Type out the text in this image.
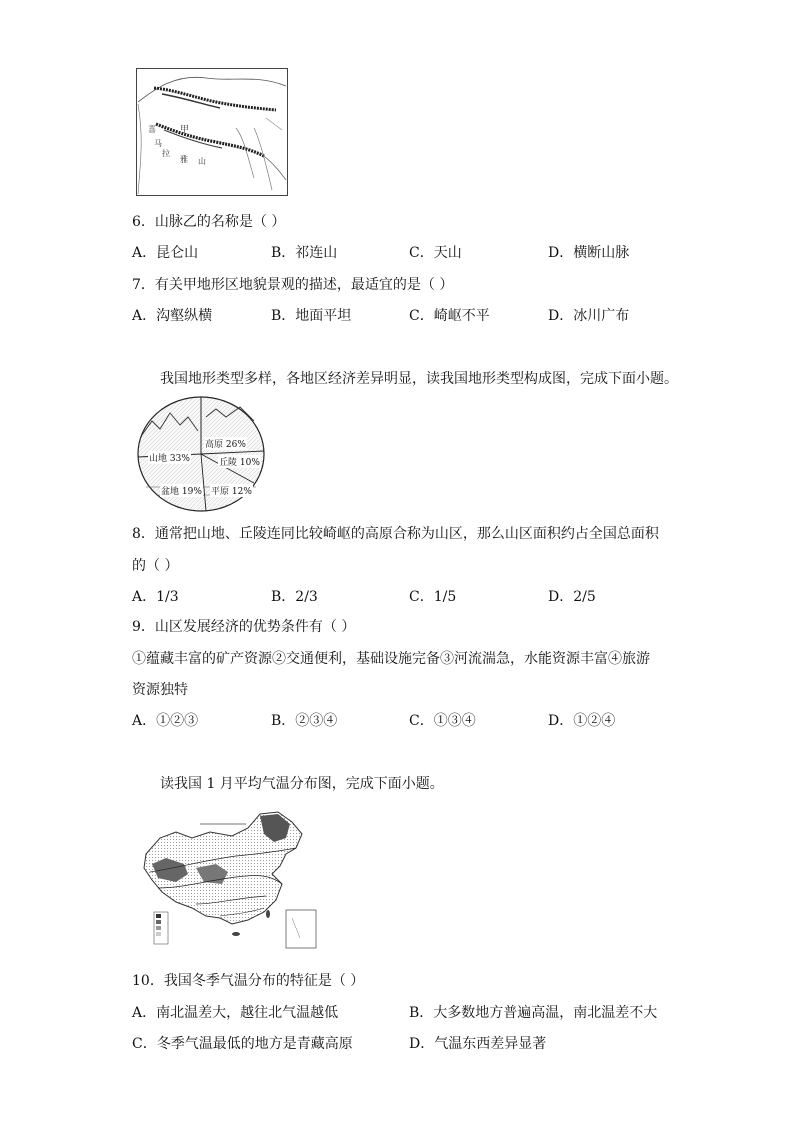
甲
喜
马
拉
雅 山
6．山脉乙的名称是（ ）
A．昆仑山	B．祁连山	C．天山	D．横断山脉
7．有关甲地形区地貌景观的描述，最适宜的是（ ）
A．沟壑纵横	B．地面平坦	C．崎岖不平	D．冰川广布
我国地形类型多样，各地区经济差异明显，读我国地形类型构成图，完成下面小题。
高原 26%
山地 33%	丘陵 10%
盆地 19% 平原 12%
8．通常把山地、丘陵连同比较崎岖的高原合称为山区，那么山区面积约占全国总面积
的（ ）
A．1/3	B．2/3	C．1/5	D．2/5
9．山区发展经济的优势条件有（ ）
①蕴藏丰富的矿产资源②交通便利，基础设施完备③河流湍急，水能资源丰富④旅游
资源独特
A．①②③	B．②③④	C．①③④	D．①②④
读我国 1 月平均气温分布图，完成下面小题。
10．我国冬季气温分布的特征是（ ）
A．南北温差大，越往北气温越低	B．大多数地方普遍高温，南北温差不大
C．冬季气温最低的地方是青藏高原	D．气温东西差异显著
